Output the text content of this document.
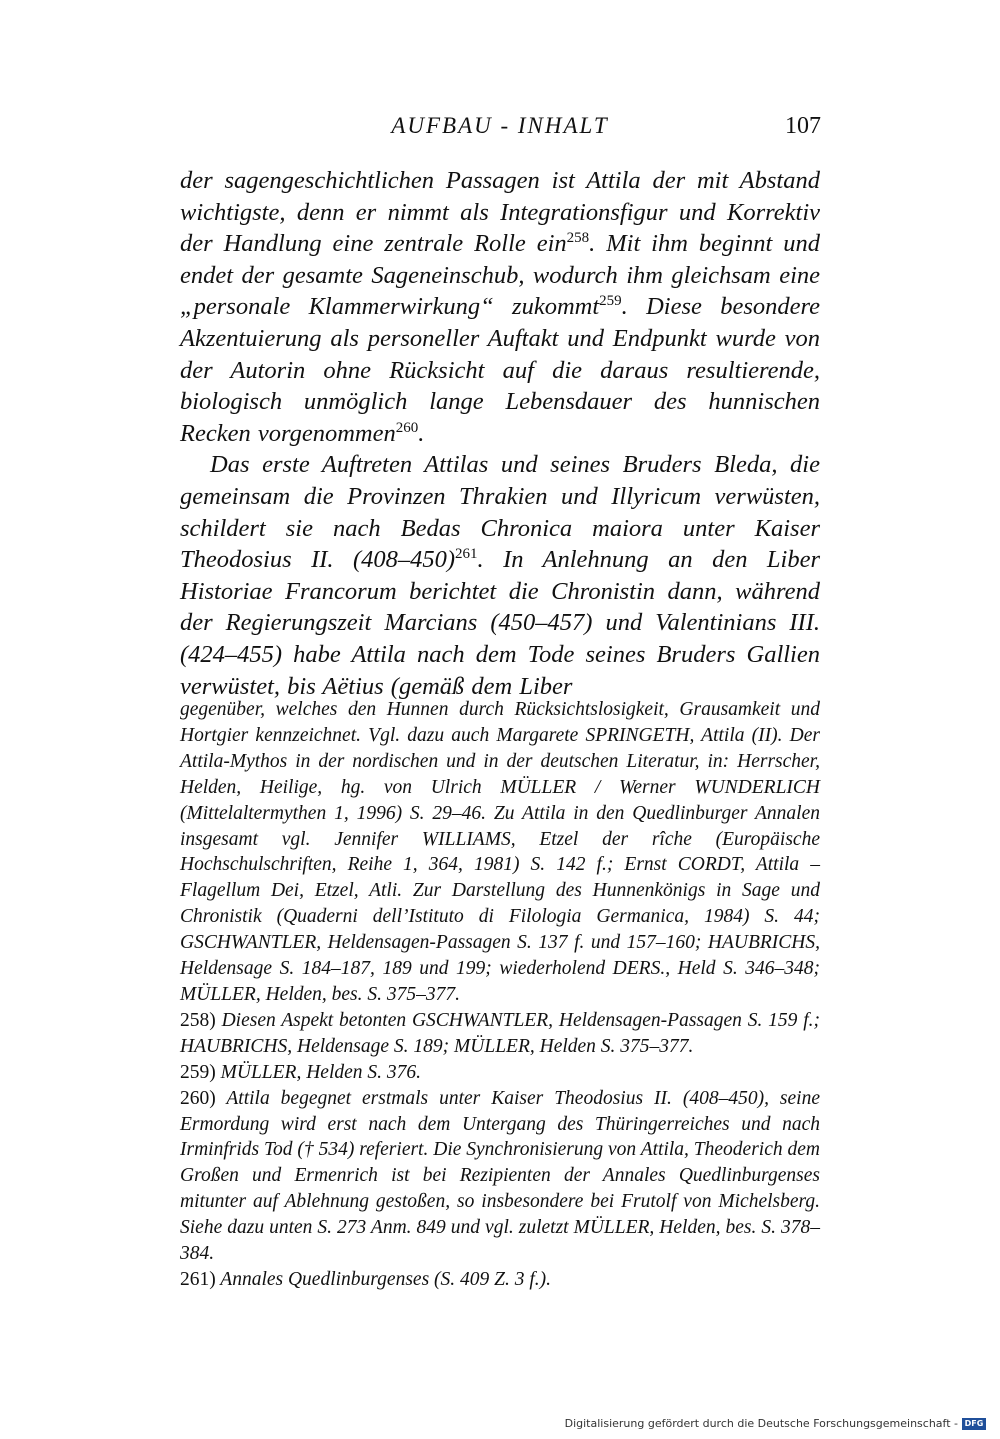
AUFBAU - INHALT	107

der sagengeschichtlichen Passagen ist Attila der mit Abstand wichtigste, denn er nimmt als Integrationsfigur und Korrektiv der Handlung eine zentrale Rolle ein$^{258}$. Mit ihm beginnt und endet der gesamte Sageneinschub, wodurch ihm gleichsam eine „personale Klammerwirkung“ zukommt$^{259}$. Diese besondere Akzentuierung als personeller Auftakt und Endpunkt wurde von der Autorin ohne Rücksicht auf die daraus resultierende, biologisch unmöglich lange Lebensdauer des hunnischen Recken vorgenommen$^{260}$.

Das erste Auftreten Attilas und seines Bruders Bleda, die gemeinsam die Provinzen Thrakien und Illyricum verwüsten, schildert sie nach Bedas Chronica maiora unter Kaiser Theodosius II. $(408-450)^{261}$. In Anlehnung an den Liber Historiae Francorum berichtet die Chronistin dann, während der Regierungszeit Marcians (450–457) und Valentinians III. (424–455) habe Attila nach dem Tode seines Bruders Gallien verwüstet, bis Aëtius (gemäß dem Liber

gegenüber, welches den Hunnen durch Rücksichtslosigkeit, Grausamkeit und Hortgier kennzeichnet. Vgl. dazu auch Margarete SPRINGETH, Attila (II). Der Attila-Mythos in der nordischen und in der deutschen Literatur, in: Herrscher, Helden, Heilige, hg. von Ulrich MÜLLER / Werner WUNDERLICH (Mittelaltermythen 1, 1996) S. 29–46. Zu Attila in den Quedlinburger Annalen insgesamt vgl. Jennifer WILLIAMS, Etzel der rîche (Europäische Hochschulschriften, Reihe 1, 364, 1981) S. 142 f.; Ernst CORDT, Attila – Flagellum Dei, Etzel, Atli. Zur Darstellung des Hunnenkönigs in Sage und Chronistik (Quaderni dell’Istituto di Filologia Germanica, 1984) S. 44; GSCHWANTLER, Heldensagen-Passagen S. 137 f. und 157–160; HAUBRICHS, Heldensage S. 184–187, 189 und 199; wiederholend DERS., Held S. 346–348; MÜLLER, Helden, bes. S. 375–377.

258) Diesen Aspekt betonten GSCHWANTLER, Heldensagen-Passagen S. 159 f.; HAUBRICHS, Heldensage S. 189; MÜLLER, Helden S. 375–377.

259) MÜLLER, Helden S. 376.

260) Attila begegnet erstmals unter Kaiser Theodosius II. (408–450), seine Ermordung wird erst nach dem Untergang des Thüringerreiches und nach Irminfrids Tod († 534) referiert. Die Synchronisierung von Attila, Theoderich dem Großen und Ermenrich ist bei Rezipienten der Annales Quedlinburgenses mitunter auf Ablehnung gestoßen, so insbesondere bei Frutolf von Michelsberg. Siehe dazu unten S. 273 Anm. 849 und vgl. zuletzt MÜLLER, Helden, bes. S. 378–384.

261) Annales Quedlinburgenses (S. 409 Z. 3 f.).

Digitalisierung gefördert durch die Deutsche Forschungsgemeinschaft - DFG
